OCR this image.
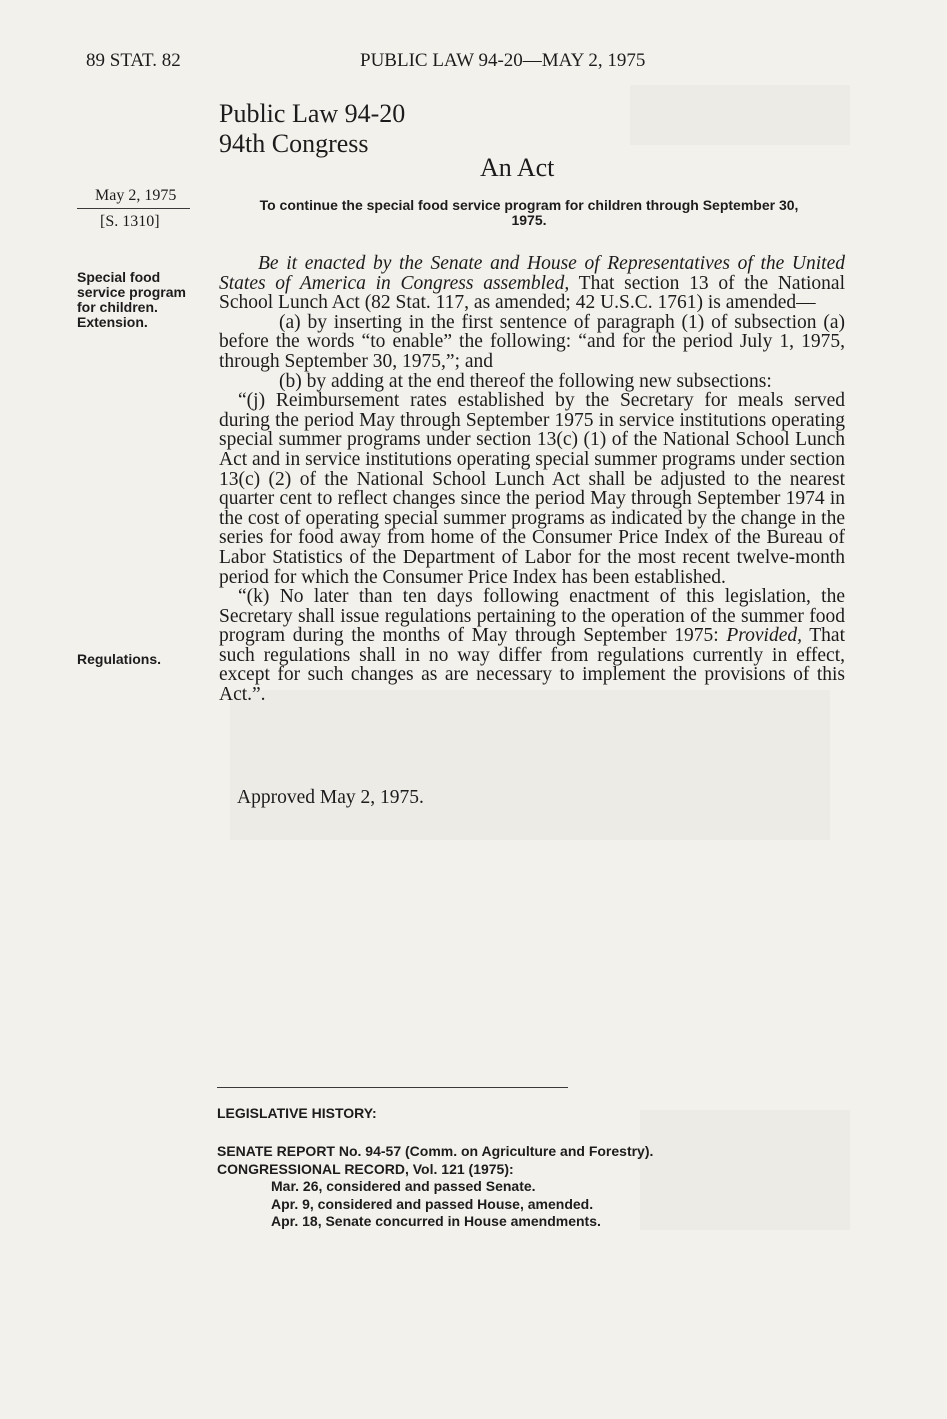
89 STAT. 82	PUBLIC LAW 94-20—MAY 2, 1975
Public Law 94-20
94th Congress
An Act
May 2, 1975
[S. 1310]
To continue the special food service program for children through September 30, 1975.
Special food
service program
for children.
Extension.
Regulations.

Be it enacted by the Senate and House of Representatives of the United States of America in Congress assembled, That section 13 of the National School Lunch Act (82 Stat. 117, as amended; 42 U.S.C. 1761) is amended—

(a) by inserting in the first sentence of paragraph (1) of subsection (a) before the words “to enable” the following: “and for the period July 1, 1975, through September 30, 1975,”; and

(b) by adding at the end thereof the following new subsections:

“(j) Reimbursement rates established by the Secretary for meals served during the period May through September 1975 in service institutions operating special summer programs under section 13(c) (1) of the National School Lunch Act and in service institutions operating special summer programs under section 13(c) (2) of the National School Lunch Act shall be adjusted to the nearest quarter cent to reflect changes since the period May through September 1974 in the cost of operating special summer programs as indicated by the change in the series for food away from home of the Consumer Price Index of the Bureau of Labor Statistics of the Department of Labor for the most recent twelve-month period for which the Consumer Price Index has been established.

“(k) No later than ten days following enactment of this legislation, the Secretary shall issue regulations pertaining to the operation of the summer food program during the months of May through September 1975: Provided, That such regulations shall in no way differ from regulations currently in effect, except for such changes as are necessary to implement the provisions of this Act.”.

Approved May 2, 1975.
LEGISLATIVE HISTORY:
SENATE REPORT No. 94-57 (Comm. on Agriculture and Forestry).
CONGRESSIONAL RECORD, Vol. 121 (1975):
Mar. 26, considered and passed Senate.
Apr. 9, considered and passed House, amended.
Apr. 18, Senate concurred in House amendments.
